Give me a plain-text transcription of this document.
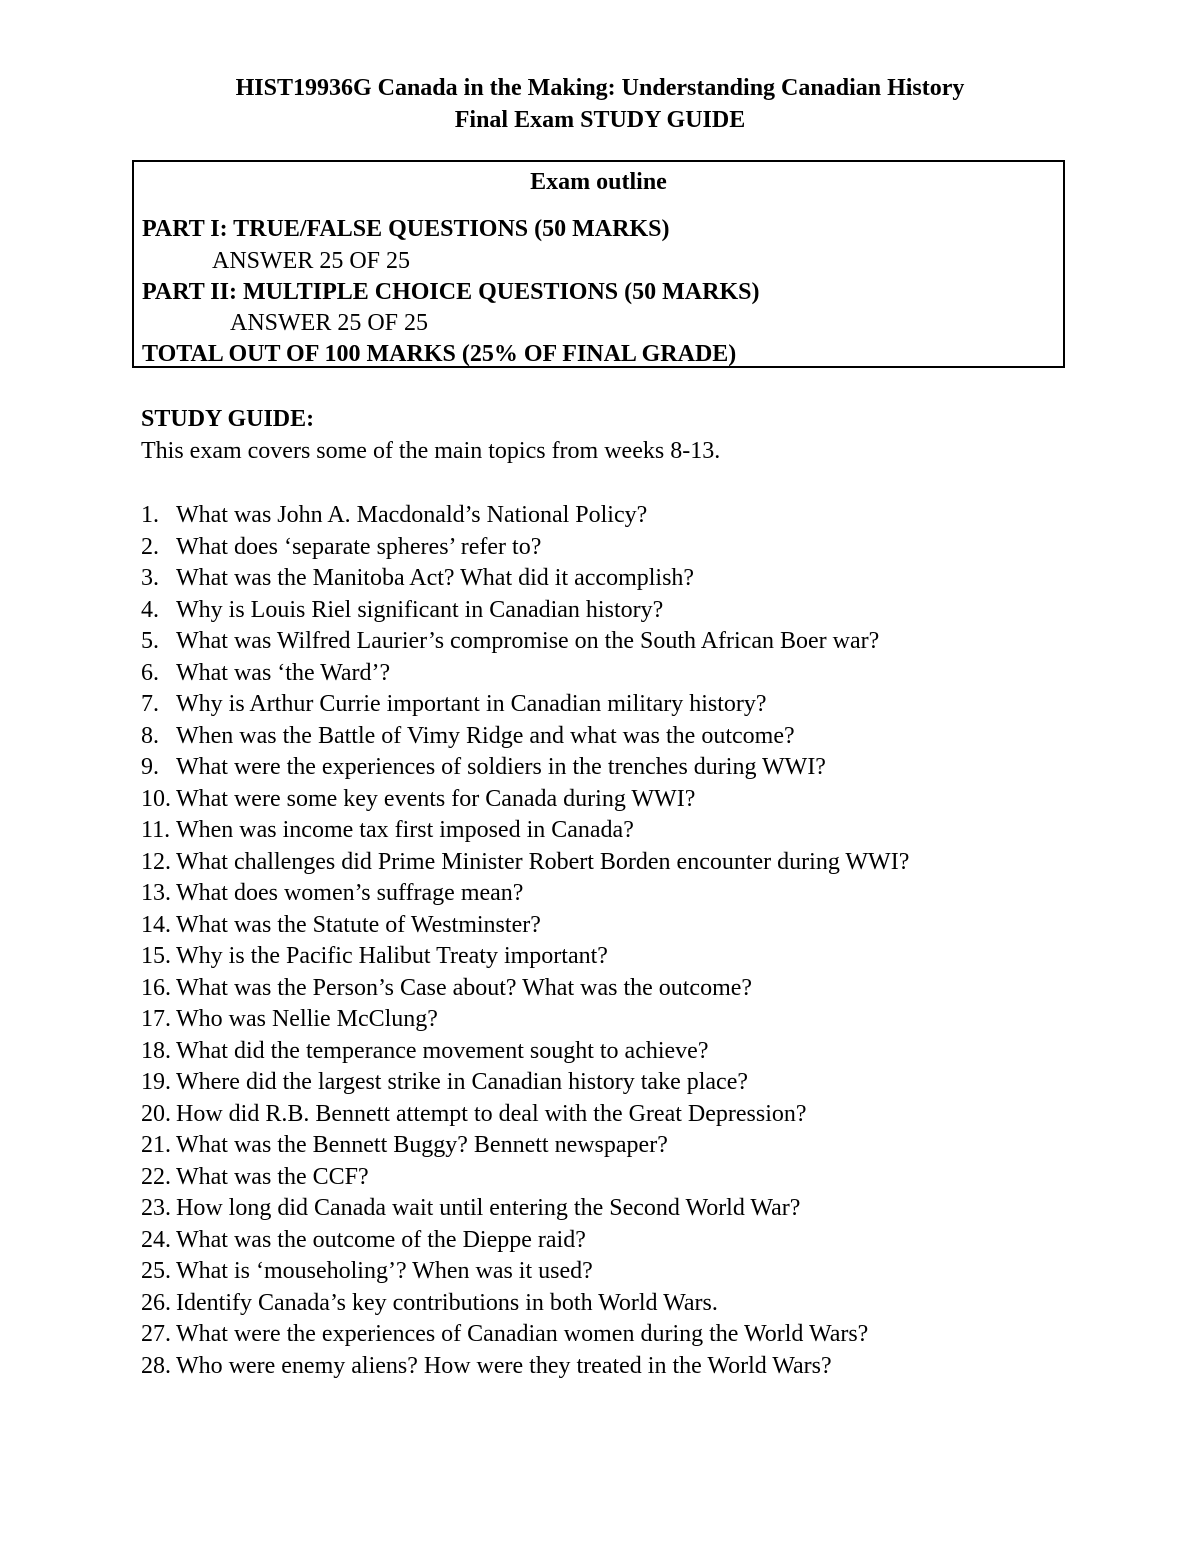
HIST19936G Canada in the Making: Understanding Canadian History
Final Exam STUDY GUIDE
Exam outline
PART I: TRUE/FALSE QUESTIONS (50 MARKS)
ANSWER 25 OF 25
PART II: MULTIPLE CHOICE QUESTIONS (50 MARKS)
ANSWER 25 OF 25
TOTAL OUT OF 100 MARKS (25% OF FINAL GRADE)
STUDY GUIDE:
This exam covers some of the main topics from weeks 8-13.
1. What was John A. Macdonald’s National Policy?
2. What does ‘separate spheres’ refer to?
3. What was the Manitoba Act? What did it accomplish?
4. Why is Louis Riel significant in Canadian history?
5. What was Wilfred Laurier’s compromise on the South African Boer war?
6. What was ‘the Ward’?
7. Why is Arthur Currie important in Canadian military history?
8. When was the Battle of Vimy Ridge and what was the outcome?
9. What were the experiences of soldiers in the trenches during WWI?
10. What were some key events for Canada during WWI?
11. When was income tax first imposed in Canada?
12. What challenges did Prime Minister Robert Borden encounter during WWI?
13. What does women’s suffrage mean?
14. What was the Statute of Westminster?
15. Why is the Pacific Halibut Treaty important?
16. What was the Person’s Case about? What was the outcome?
17. Who was Nellie McClung?
18. What did the temperance movement sought to achieve?
19. Where did the largest strike in Canadian history take place?
20. How did R.B. Bennett attempt to deal with the Great Depression?
21. What was the Bennett Buggy? Bennett newspaper?
22. What was the CCF?
23. How long did Canada wait until entering the Second World War?
24. What was the outcome of the Dieppe raid?
25. What is ‘mouseholing’? When was it used?
26. Identify Canada’s key contributions in both World Wars.
27. What were the experiences of Canadian women during the World Wars?
28. Who were enemy aliens? How were they treated in the World Wars?
